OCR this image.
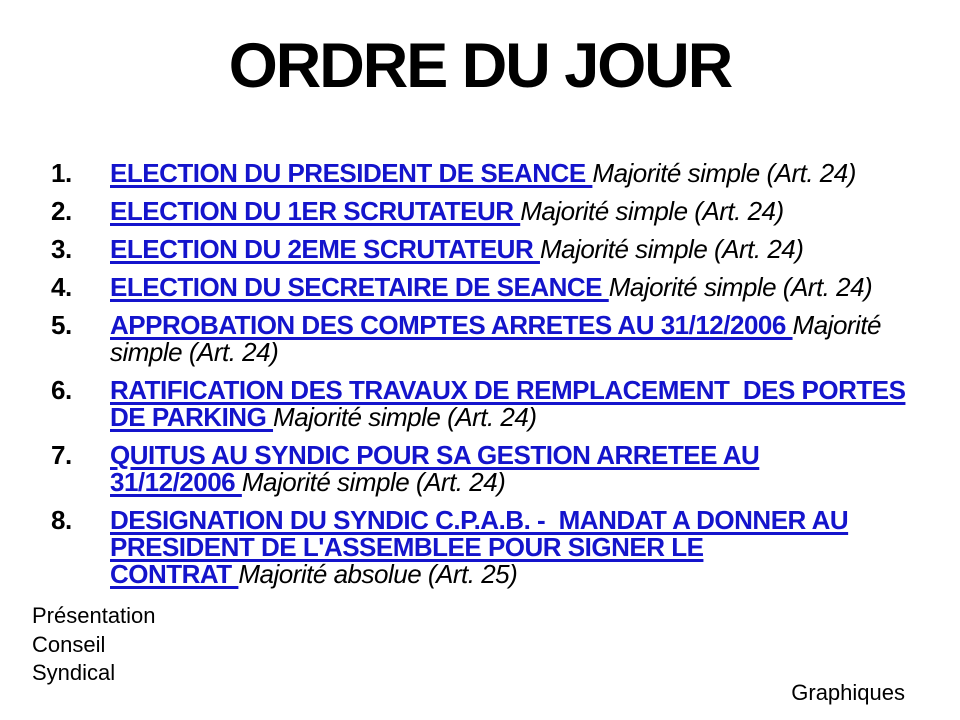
ORDRE DU JOUR
1.	ELECTION DU PRESIDENT DE SEANCE Majorité simple (Art. 24)
2.	ELECTION DU 1ER SCRUTATEUR Majorité simple (Art. 24)
3.	ELECTION DU 2EME SCRUTATEUR Majorité simple (Art. 24)
4.	ELECTION DU SECRETAIRE DE SEANCE Majorité simple (Art. 24)
5.	APPROBATION DES COMPTES ARRETES AU 31/12/2006 Majorité simple (Art. 24)
6.	RATIFICATION DES TRAVAUX DE REMPLACEMENT  DES PORTES DE PARKING Majorité simple (Art. 24)
7.	QUITUS AU SYNDIC POUR SA GESTION ARRETEE AU 31/12/2006 Majorité simple (Art. 24)
8.	DESIGNATION DU SYNDIC C.P.A.B. -  MANDAT A DONNER AU PRESIDENT DE L'ASSEMBLEE POUR SIGNER LE CONTRAT Majorité absolue (Art. 25)
Présentation
Conseil
Syndical
Graphiques
